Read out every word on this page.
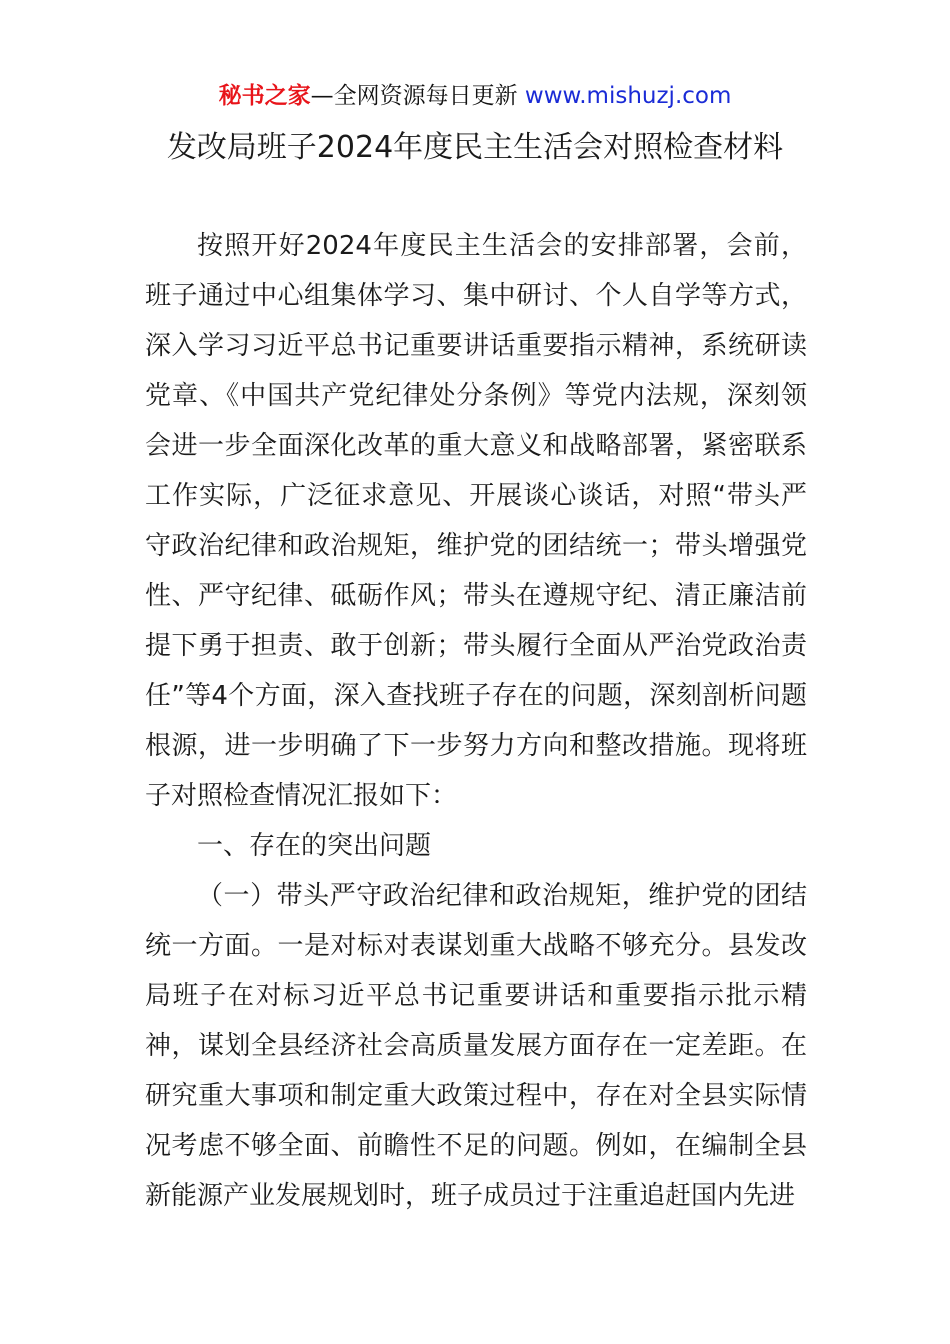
秘书之家—全网资源每日更新 www.mishuzj.com
发改局班子2024年度民主生活会对照检查材料

按照开好2024年度民主生活会的安排部署，会前，班子通过中心组集体学习、集中研讨、个人自学等方式，深入学习习近平总书记重要讲话重要指示精神，系统研读党章、《中国共产党纪律处分条例》等党内法规，深刻领会进一步全面深化改革的重大意义和战略部署，紧密联系工作实际，广泛征求意见、开展谈心谈话，对照“带头严守政治纪律和政治规矩，维护党的团结统一；带头增强党性、严守纪律、砥砺作风；带头在遵规守纪、清正廉洁前提下勇于担责、敢于创新；带头履行全面从严治党政治责任”等4个方面，深入查找班子存在的问题，深刻剖析问题根源，进一步明确了下一步努力方向和整改措施。现将班子对照检查情况汇报如下：

一、存在的突出问题

（一）带头严守政治纪律和政治规矩，维护党的团结统一方面。一是对标对表谋划重大战略不够充分。县发改局班子在对标习近平总书记重要讲话和重要指示批示精神，谋划全县经济社会高质量发展方面存在一定差距。在研究重大事项和制定重大政策过程中，存在对全县实际情况考虑不够全面、前瞻性不足的问题。例如，在编制全县新能源产业发展规划时，班子成员过于注重追赶国内先进
